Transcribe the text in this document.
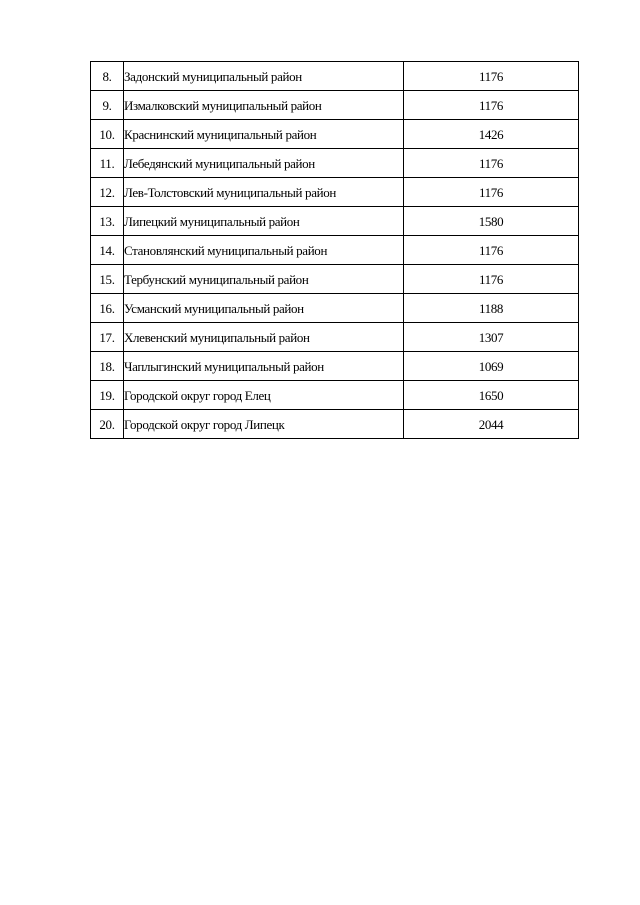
8.	Задонский муниципальный район	1176
9.	Измалковский муниципальный район	1176
10.	Краснинский муниципальный район	1426
11.	Лебедянский муниципальный район	1176
12.	Лев-Толстовский муниципальный район	1176
13.	Липецкий муниципальный район	1580
14.	Становлянский муниципальный район	1176
15.	Тербунский муниципальный район	1176
16.	Усманский муниципальный район	1188
17.	Хлевенский муниципальный район	1307
18.	Чаплыгинский муниципальный район	1069
19.	Городской округ город Елец	1650
20.	Городской округ город Липецк	2044
